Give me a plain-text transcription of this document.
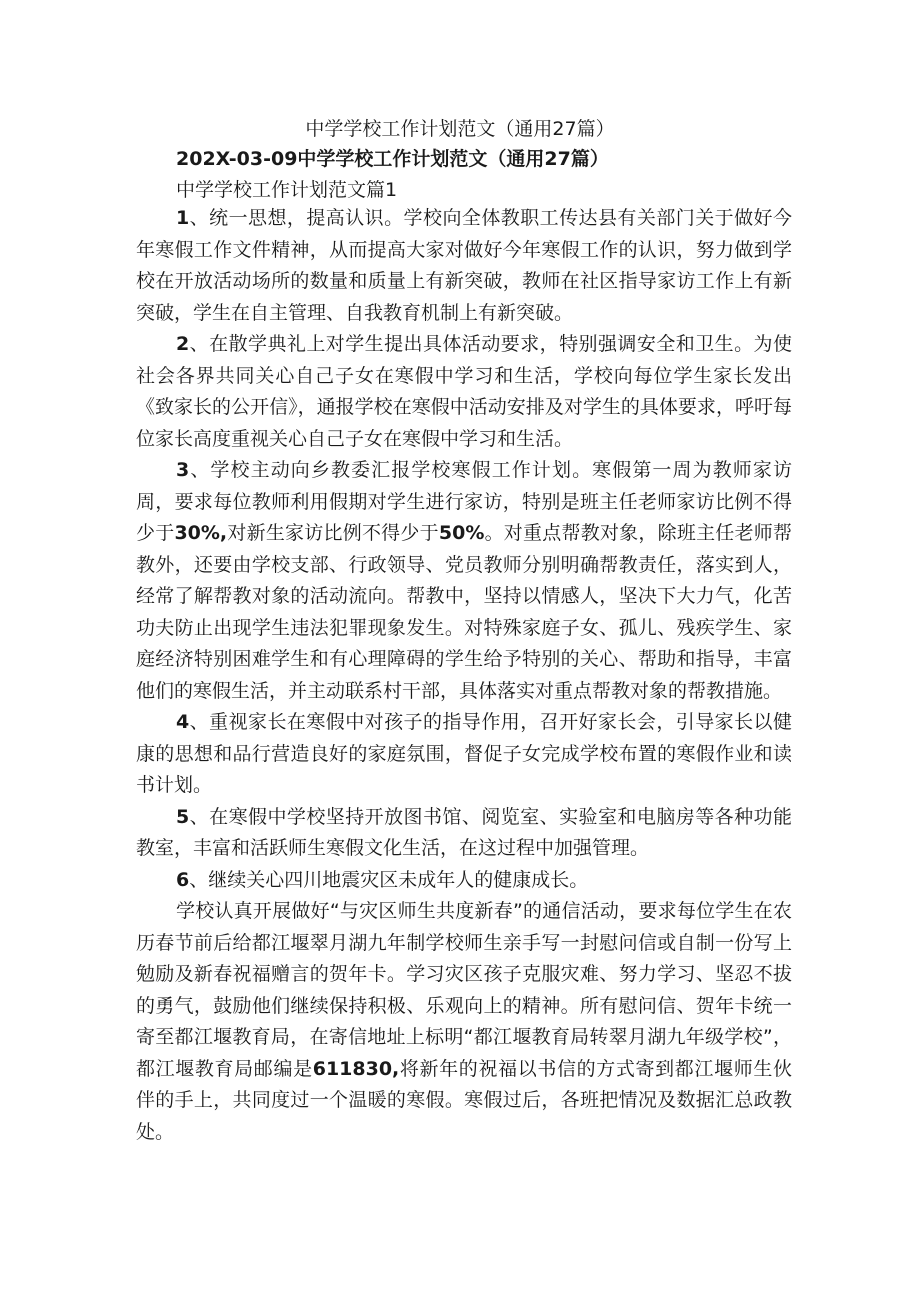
中学学校工作计划范文（通用27篇）
202X-03-09中学学校工作计划范文（通用27篇）
中学学校工作计划范文篇1

1、统一思想，提高认识。学校向全体教职工传达县有关部门关于做好今年寒假工作文件精神，从而提高大家对做好今年寒假工作的认识，努力做到学校在开放活动场所的数量和质量上有新突破，教师在社区指导家访工作上有新突破，学生在自主管理、自我教育机制上有新突破。

2、在散学典礼上对学生提出具体活动要求，特别强调安全和卫生。为使社会各界共同关心自己子女在寒假中学习和生活，学校向每位学生家长发出《致家长的公开信》，通报学校在寒假中活动安排及对学生的具体要求，呼吁每位家长高度重视关心自己子女在寒假中学习和生活。

3、学校主动向乡教委汇报学校寒假工作计划。寒假第一周为教师家访周，要求每位教师利用假期对学生进行家访，特别是班主任老师家访比例不得少于30%,对新生家访比例不得少于50%。对重点帮教对象，除班主任老师帮教外，还要由学校支部、行政领导、党员教师分别明确帮教责任，落实到人，经常了解帮教对象的活动流向。帮教中，坚持以情感人，坚决下大力气，化苦功夫防止出现学生违法犯罪现象发生。对特殊家庭子女、孤儿、残疾学生、家庭经济特别困难学生和有心理障碍的学生给予特别的关心、帮助和指导，丰富他们的寒假生活，并主动联系村干部，具体落实对重点帮教对象的帮教措施。

4、重视家长在寒假中对孩子的指导作用，召开好家长会，引导家长以健康的思想和品行营造良好的家庭氛围，督促子女完成学校布置的寒假作业和读书计划。

5、在寒假中学校坚持开放图书馆、阅览室、实验室和电脑房等各种功能教室，丰富和活跃师生寒假文化生活，在这过程中加强管理。

6、继续关心四川地震灾区未成年人的健康成长。

学校认真开展做好“与灾区师生共度新春”的通信活动，要求每位学生在农历春节前后给都江堰翠月湖九年制学校师生亲手写一封慰问信或自制一份写上勉励及新春祝福赠言的贺年卡。学习灾区孩子克服灾难、努力学习、坚忍不拔的勇气，鼓励他们继续保持积极、乐观向上的精神。所有慰问信、贺年卡统一寄至都江堰教育局，在寄信地址上标明“都江堰教育局转翠月湖九年级学校”，都江堰教育局邮编是611830,将新年的祝福以书信的方式寄到都江堰师生伙伴的手上，共同度过一个温暖的寒假。寒假过后，各班把情况及数据汇总政教处。
